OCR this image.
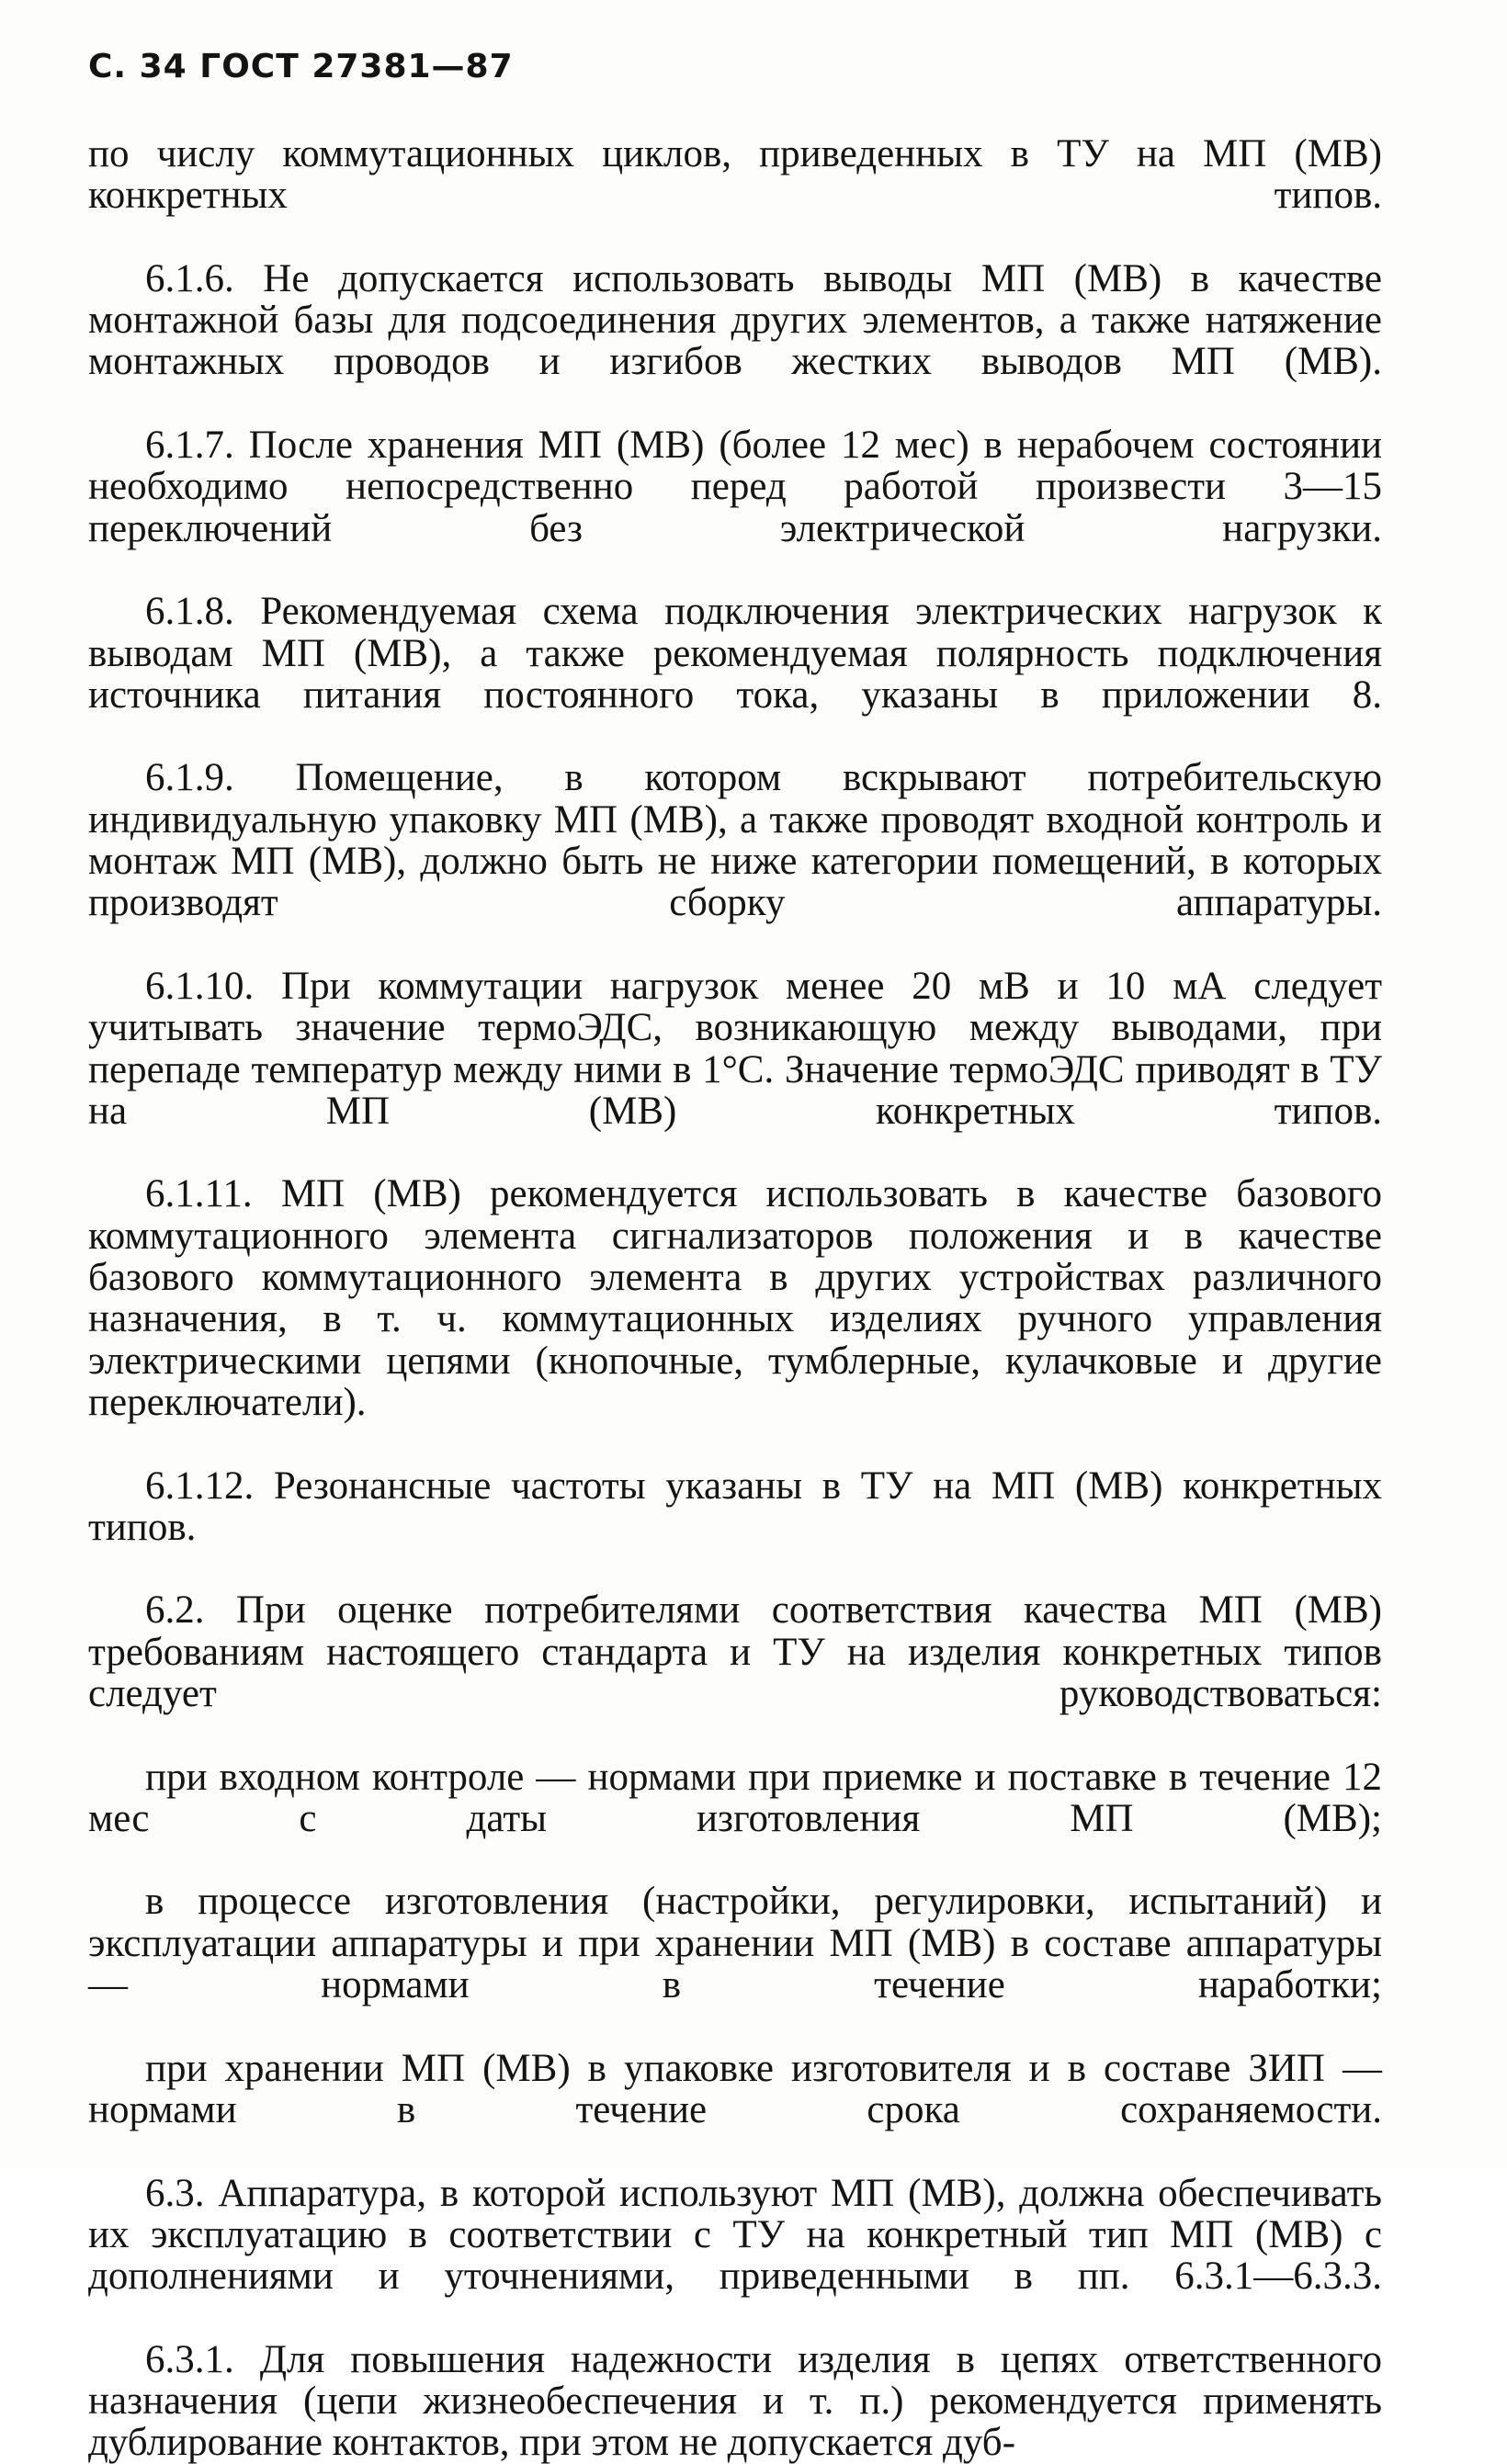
С. 34 ГОСТ 27381—87

по числу коммутационных циклов, приведенных в ТУ на МП (МВ) конкретных типов.

6.1.6. Не допускается использовать выводы МП (МВ) в качестве монтажной базы для подсоединения других элементов, а также натяжение монтажных проводов и изгибов жестких выводов МП (МВ).

6.1.7. После хранения МП (МВ) (более 12 мес) в нерабочем состоянии необходимо непосредственно перед работой произвести 3—15 переключений без электрической нагрузки.

6.1.8. Рекомендуемая схема подключения электрических нагрузок к выводам МП (МВ), а также рекомендуемая полярность подключения источника питания постоянного тока, указаны в приложении 8.

6.1.9. Помещение, в котором вскрывают потребительскую индивидуальную упаковку МП (МВ), а также проводят входной контроль и монтаж МП (МВ), должно быть не ниже категории помещений, в которых производят сборку аппаратуры.

6.1.10. При коммутации нагрузок менее 20 мВ и 10 мА следует учитывать значение термоЭДС, возникающую между выводами, при перепаде температур между ними в 1°С. Значение термоЭДС приводят в ТУ на МП (МВ) конкретных типов.

6.1.11. МП (МВ) рекомендуется использовать в качестве базового коммутационного элемента сигнализаторов положения и в качестве базового коммутационного элемента в других устройствах различного назначения, в т. ч. коммутационных изделиях ручного управления электрическими цепями (кнопочные, тумблерные, кулачковые и другие переключатели).

6.1.12. Резонансные частоты указаны в ТУ на МП (МВ) конкретных типов.

6.2. При оценке потребителями соответствия качества МП (МВ) требованиям настоящего стандарта и ТУ на изделия конкретных типов следует руководствоваться:

при входном контроле — нормами при приемке и поставке в течение 12 мес с даты изготовления МП (МВ);

в процессе изготовления (настройки, регулировки, испытаний) и эксплуатации аппаратуры и при хранении МП (МВ) в составе аппаратуры — нормами в течение наработки;

при хранении МП (МВ) в упаковке изготовителя и в составе ЗИП — нормами в течение срока сохраняемости.

6.3. Аппаратура, в которой используют МП (МВ), должна обеспечивать их эксплуатацию в соответствии с ТУ на конкретный тип МП (МВ) с дополнениями и уточнениями, приведенными в пп. 6.3.1—6.3.3.

6.3.1. Для повышения надежности изделия в цепях ответственного назначения (цепи жизнеобеспечения и т. п.) рекомендуется применять дублирование контактов, при этом не допускается дуб-
